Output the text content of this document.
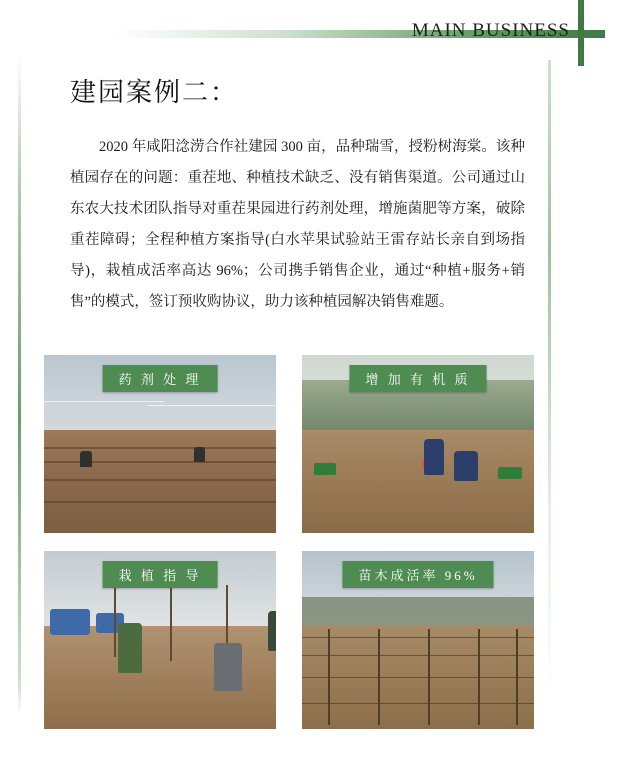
MAIN BUSINESS
建园案例二：
2020 年咸阳淰涝合作社建园 300 亩，品种瑞雪，授粉树海棠。该种植园存在的问题：重茬地、种植技术缺乏、没有销售渠道。公司通过山东农大技术团队指导对重茬果园进行药剂处理，增施菌肥等方案，破除重茬障碍；全程种植方案指导(白水苹果试验站王雷存站长亲自到场指导)，栽植成活率高达 96%；公司携手销售企业，通过“种植+服务+销售”的模式，签订预收购协议，助力该种植园解决销售难题。
药 剂 处 理	增 加 有 机 质
栽 植 指 导	苗木成活率 96%
